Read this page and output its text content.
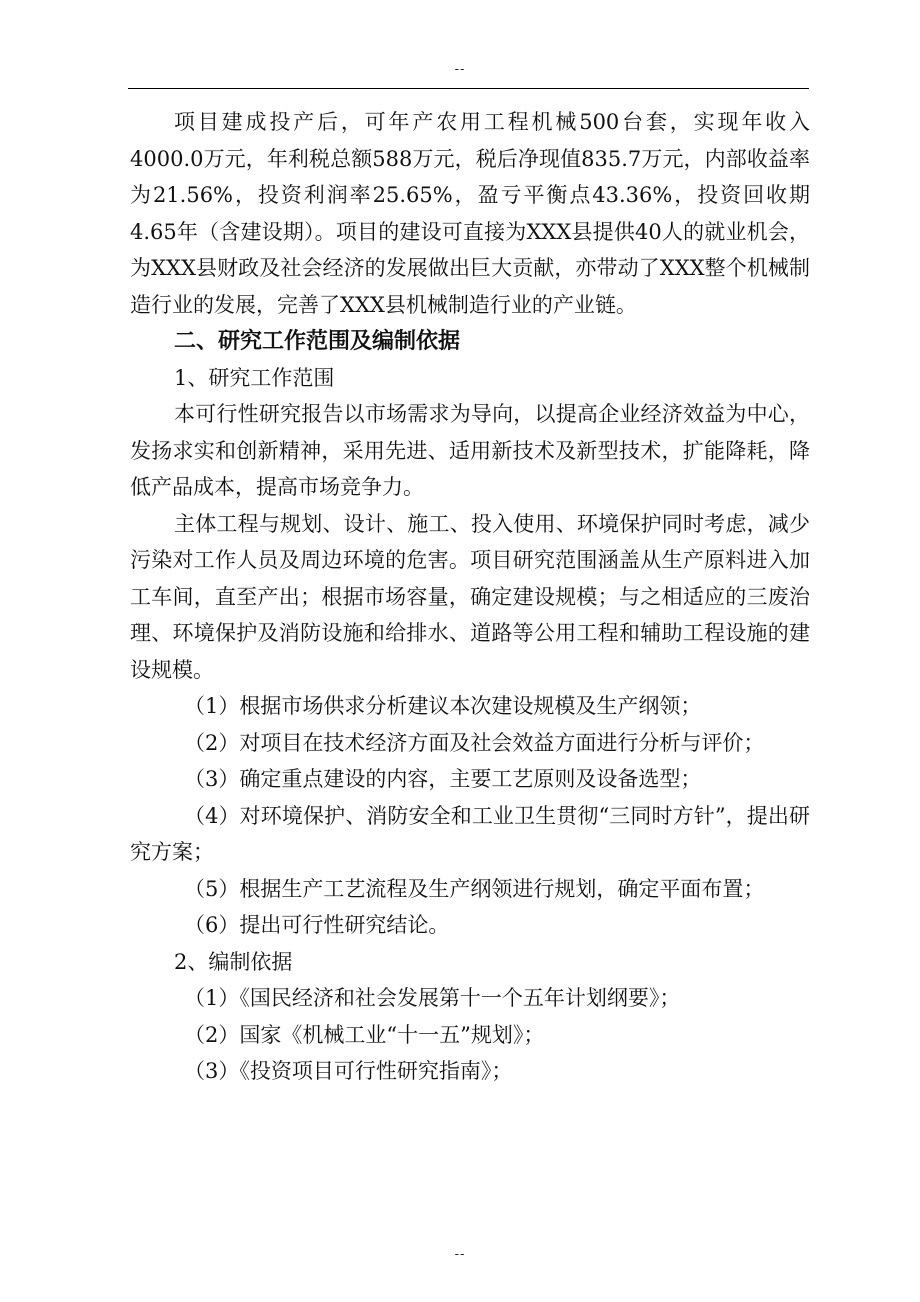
--

项目建成投产后，可年产农用工程机械500台套，实现年收入4000.0万元，年利税总额588万元，税后净现值835.7万元，内部收益率为21.56%，投资利润率25.65%，盈亏平衡点43.36%，投资回收期4.65年（含建设期）。项目的建设可直接为XXX县提供40人的就业机会，为XXX县财政及社会经济的发展做出巨大贡献，亦带动了XXX整个机械制造行业的发展，完善了XXX县机械制造行业的产业链。

二、研究工作范围及编制依据

1、研究工作范围

本可行性研究报告以市场需求为导向，以提高企业经济效益为中心，发扬求实和创新精神，采用先进、适用新技术及新型技术，扩能降耗，降低产品成本，提高市场竞争力。

主体工程与规划、设计、施工、投入使用、环境保护同时考虑，减少污染对工作人员及周边环境的危害。项目研究范围涵盖从生产原料进入加工车间，直至产出；根据市场容量，确定建设规模；与之相适应的三废治理、环境保护及消防设施和给排水、道路等公用工程和辅助工程设施的建设规模。

（1）根据市场供求分析建议本次建设规模及生产纲领；

（2）对项目在技术经济方面及社会效益方面进行分析与评价；

（3）确定重点建设的内容，主要工艺原则及设备选型；

（4）对环境保护、消防安全和工业卫生贯彻“三同时方针”，提出研究方案；

（5）根据生产工艺流程及生产纲领进行规划，确定平面布置；

（6）提出可行性研究结论。

2、编制依据

（1）《国民经济和社会发展第十一个五年计划纲要》；

（2）国家《机械工业“十一五”规划》；

（3）《投资项目可行性研究指南》；

--
